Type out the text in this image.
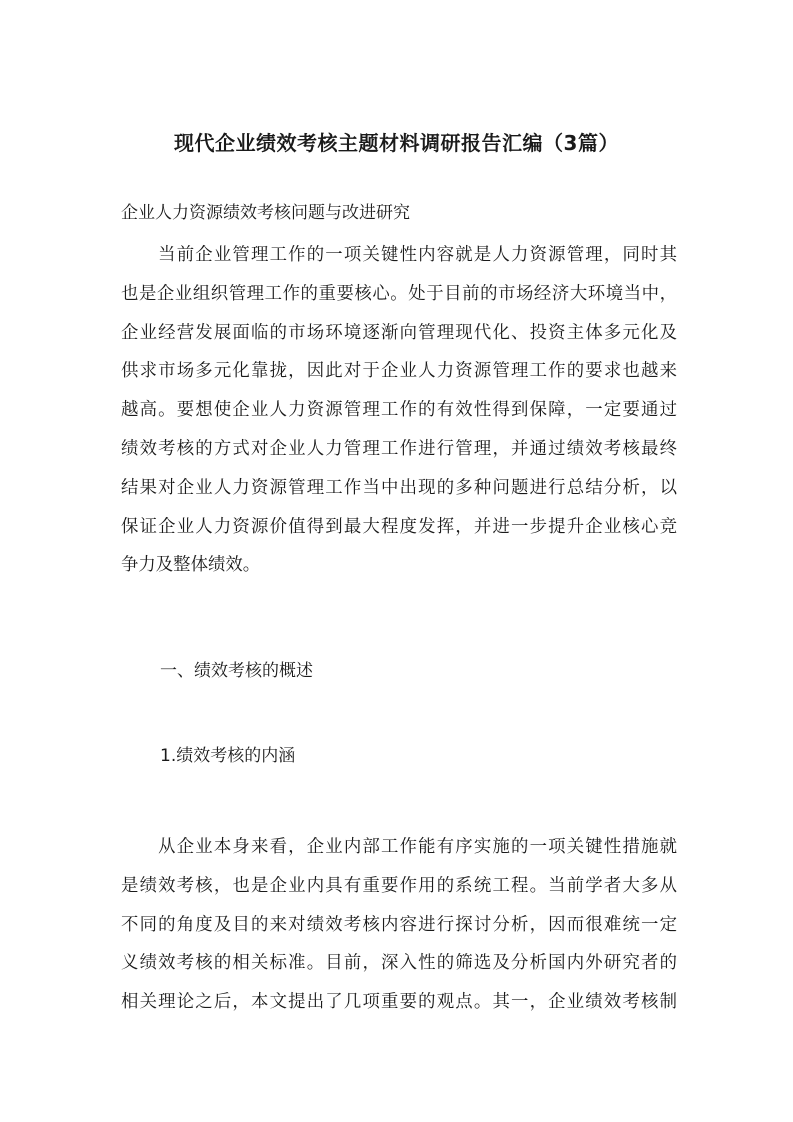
现代企业绩效考核主题材料调研报告汇编（3篇）
企业人力资源绩效考核问题与改进研究
　　当前企业管理工作的一项关键性内容就是人力资源管理，同时其
也是企业组织管理工作的重要核心。处于目前的市场经济大环境当中，
企业经营发展面临的市场环境逐渐向管理现代化、投资主体多元化及
供求市场多元化靠拢，因此对于企业人力资源管理工作的要求也越来
越高。要想使企业人力资源管理工作的有效性得到保障，一定要通过
绩效考核的方式对企业人力管理工作进行管理，并通过绩效考核最终
结果对企业人力资源管理工作当中出现的多种问题进行总结分析，以
保证企业人力资源价值得到最大程度发挥，并进一步提升企业核心竞
争力及整体绩效。
一、绩效考核的概述
1.绩效考核的内涵
　　从企业本身来看，企业内部工作能有序实施的一项关键性措施就
是绩效考核，也是企业内具有重要作用的系统工程。当前学者大多从
不同的角度及目的来对绩效考核内容进行探讨分析，因而很难统一定
义绩效考核的相关标准。目前，深入性的筛选及分析国内外研究者的
相关理论之后，本文提出了几项重要的观点。其一，企业绩效考核制
